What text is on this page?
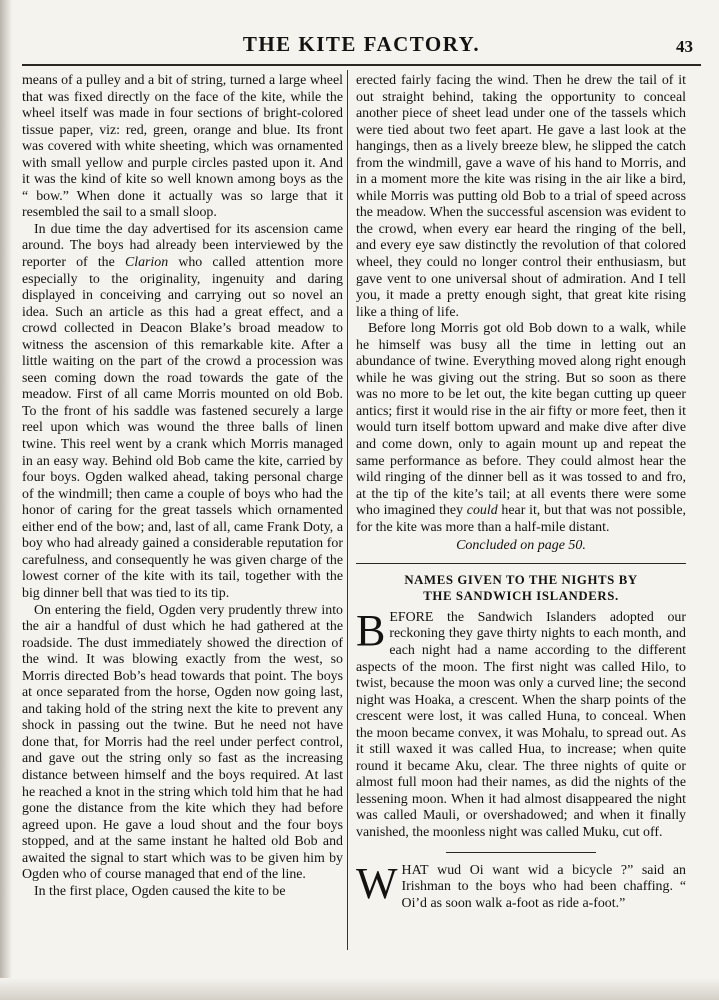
THE KITE FACTORY.	43

means of a pulley and a bit of string, turned a large wheel that was fixed directly on the face of the kite, while the wheel itself was made in four sections of bright-colored tissue paper, viz: red, green, orange and blue. Its front was covered with white sheeting, which was ornamented with small yellow and purple circles pasted upon it. And it was the kind of kite so well known among boys as the “ bow.” When done it actually was so large that it resembled the sail to a small sloop.

In due time the day advertised for its ascension came around. The boys had already been interviewed by the reporter of the Clarion who called attention more especially to the originality, ingenuity and daring displayed in conceiving and carrying out so novel an idea. Such an article as this had a great effect, and a crowd collected in Deacon Blake’s broad meadow to witness the ascension of this remarkable kite. After a little waiting on the part of the crowd a procession was seen coming down the road towards the gate of the meadow. First of all came Morris mounted on old Bob. To the front of his saddle was fastened securely a large reel upon which was wound the three balls of linen twine. This reel went by a crank which Morris managed in an easy way. Behind old Bob came the kite, carried by four boys. Ogden walked ahead, taking personal charge of the windmill; then came a couple of boys who had the honor of caring for the great tassels which ornamented either end of the bow; and, last of all, came Frank Doty, a boy who had already gained a considerable reputation for carefulness, and consequently he was given charge of the lowest corner of the kite with its tail, together with the big dinner bell that was tied to its tip.

On entering the field, Ogden very prudently threw into the air a handful of dust which he had gathered at the roadside. The dust immediately showed the direction of the wind. It was blowing exactly from the west, so Morris directed Bob’s head towards that point. The boys at once separated from the horse, Ogden now going last, and taking hold of the string next the kite to prevent any shock in passing out the twine. But he need not have done that, for Morris had the reel under perfect control, and gave out the string only so fast as the increasing distance between himself and the boys required. At last he reached a knot in the string which told him that he had gone the distance from the kite which they had before agreed upon. He gave a loud shout and the four boys stopped, and at the same instant he halted old Bob and awaited the signal to start which was to be given him by Ogden who of course managed that end of the line.

In the first place, Ogden caused the kite to be

erected fairly facing the wind. Then he drew the tail of it out straight behind, taking the opportunity to conceal another piece of sheet lead under one of the tassels which were tied about two feet apart. He gave a last look at the hangings, then as a lively breeze blew, he slipped the catch from the windmill, gave a wave of his hand to Morris, and in a moment more the kite was rising in the air like a bird, while Morris was putting old Bob to a trial of speed across the meadow. When the successful ascension was evident to the crowd, when every ear heard the ringing of the bell, and every eye saw distinctly the revolution of that colored wheel, they could no longer control their enthusiasm, but gave vent to one universal shout of admiration. And I tell you, it made a pretty enough sight, that great kite rising like a thing of life.

Before long Morris got old Bob down to a walk, while he himself was busy all the time in letting out an abundance of twine. Everything moved along right enough while he was giving out the string. But so soon as there was no more to be let out, the kite began cutting up queer antics; first it would rise in the air fifty or more feet, then it would turn itself bottom upward and make dive after dive and come down, only to again mount up and repeat the same performance as before. They could almost hear the wild ringing of the dinner bell as it was tossed to and fro, at the tip of the kite’s tail; at all events there were some who imagined they could hear it, but that was not possible, for the kite was more than a half-mile distant.

Concluded on page 50.
NAMES GIVEN TO THE NIGHTS BY
THE SANDWICH ISLANDERS.
B EFORE the Sandwich Islanders adopted our reckoning they gave thirty nights to each month, and each night had a name according to the different aspects of the moon. The first night was called Hilo, to twist, because the moon was only a curved line; the second night was Hoaka, a crescent. When the sharp points of the crescent were lost, it was called Huna, to conceal. When the moon became convex, it was Mohalu, to spread out. As it still waxed it was called Hua, to increase; when quite round it became Aku, clear. The three nights of quite or almost full moon had their names, as did the nights of the lessening moon. When it had almost disappeared the night was called Mauli, or overshadowed; and when it finally vanished, the moonless night was called Muku, cut off.
W HAT wud Oi want wid a bicycle ?” said an Irishman to the boys who had been chaffing. “ Oi’d as soon walk a-foot as ride a-foot.”
